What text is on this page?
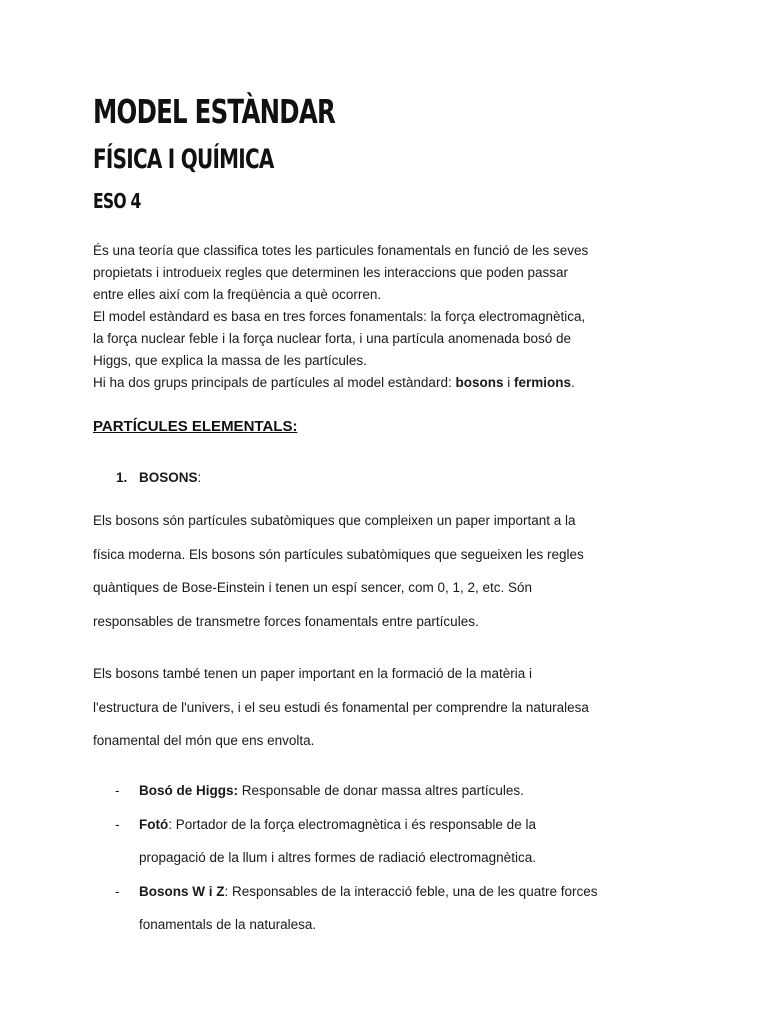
MODEL ESTÀNDAR
FÍSICA I QUÍMICA
ESO 4
És una teoría que classifica totes les particules fonamentals en funció de les seves
propietats i introdueix regles que determinen les interaccions que poden passar
entre elles així com la freqüència a què ocorren.
El model estàndard es basa en tres forces fonamentals: la força electromagnètica,
la força nuclear feble i la força nuclear forta, i una partícula anomenada bosó de
Higgs, que explica la massa de les partícules.
Hi ha dos grups principals de partícules al model estàndard: bosons i fermions.
PARTÍCULES ELEMENTALS:
1. BOSONS:
Els bosons són partícules subatòmiques que compleixen un paper important a la
física moderna. Els bosons són partícules subatòmiques que segueixen les regles
quàntiques de Bose-Einstein i tenen un espí sencer, com 0, 1, 2, etc. Són
responsables de transmetre forces fonamentals entre partícules.
Els bosons també tenen un paper important en la formació de la matèria i
l'estructura de l'univers, i el seu estudi és fonamental per comprendre la naturalesa
fonamental del món que ens envolta.
- Bosó de Higgs: Responsable de donar massa altres partícules.
- Fotó: Portador de la força electromagnètica i és responsable de la
propagació de la llum i altres formes de radiació electromagnètica.
- Bosons W i Z: Responsables de la interacció feble, una de les quatre forces
fonamentals de la naturalesa.
